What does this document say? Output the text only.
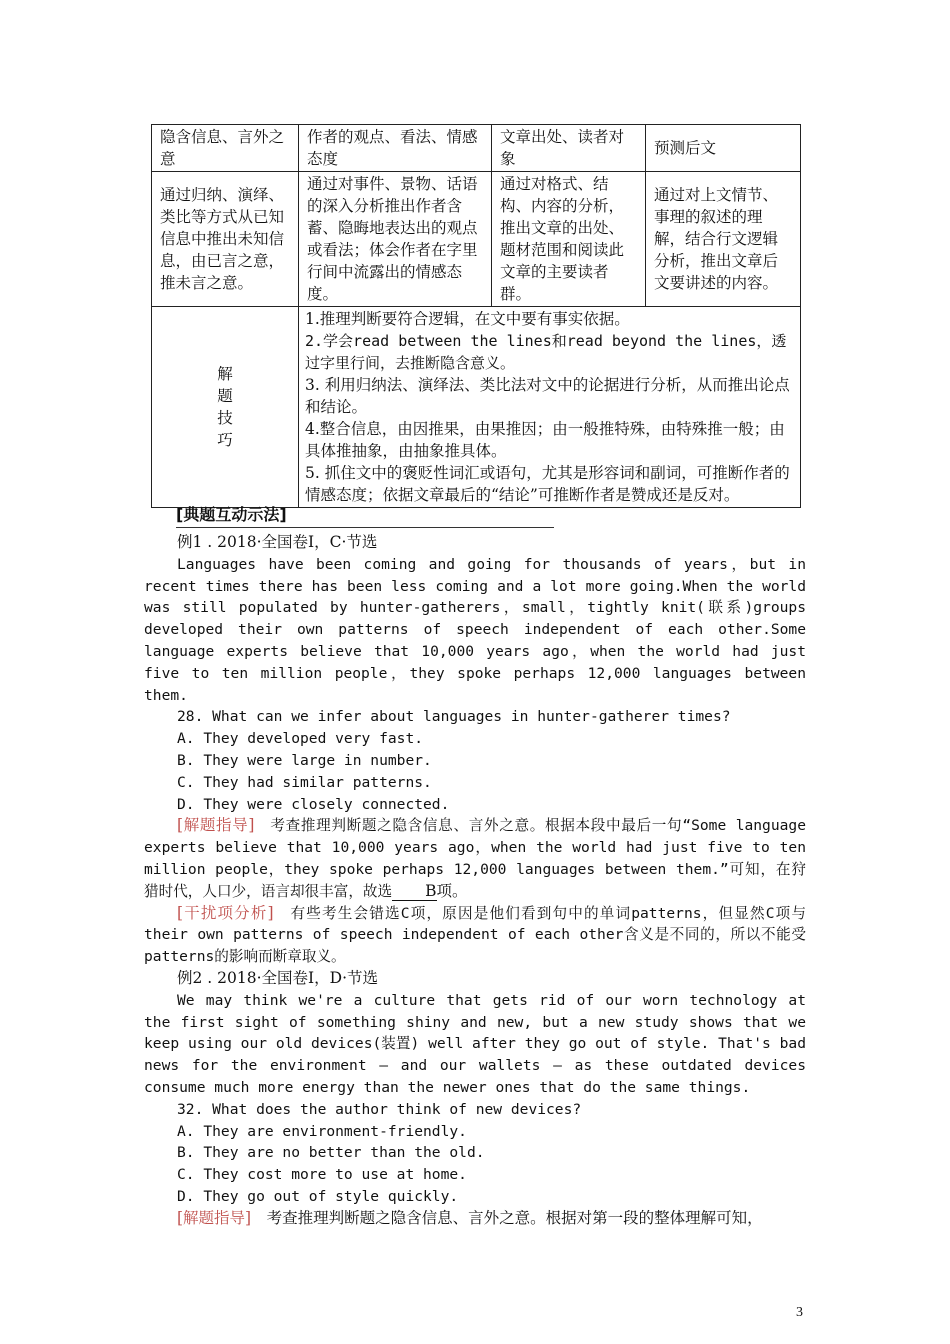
隐含信息、言外之意	作者的观点、看法、情感态度	文章出处、读者对象	预测后文
通过归纳、演绎、类比等方式从已知信息中推出未知信息，由已言之意，推未言之意。	通过对事件、景物、话语的深入分析推出作者含蓄、隐晦地表达出的观点或看法；体会作者在字里行间中流露出的情感态度。	通过对格式、结构、内容的分析，推出文章的出处、题材范围和阅读此文章的主要读者群。	通过对上文情节、事理的叙述的理解，结合行文逻辑分析，推出文章后文要讲述的内容。

解题技巧	1.推理判断要符合逻辑，在文中要有事实依据。
2.学会read between the lines和read beyond the lines，透过字里行间，去推断隐含意义。
3. 利用归纳法、演绎法、类比法对文中的论据进行分析，从而推出论点和结论。
4.整合信息，由因推果，由果推因；由一般推特殊，由特殊推一般；由具体推抽象，由抽象推具体。
5. 抓住文中的褒贬性词汇或语句，尤其是形容词和副词，可推断作者的情感态度；依据文章最后的“结论”可推断作者是赞成还是反对。		
[典题互动示法]

例1 . 2018·全国卷Ⅰ，C·节选

Languages have been coming and going for thousands of years，but in recent times there has been less coming and a lot more going.When the world was still populated by hunter-gatherers，small，tightly knit(联系)groups developed their own patterns of speech independent of each other.Some language experts believe that 10,000 years ago，when the world had just five to ten million people，they spoke perhaps 12,000 languages between them.

28. What can we infer about languages in hunter-gatherer times?

A. They developed very fast.

B. They were large in number.

C. They had similar patterns.

D. They were closely connected.

[解题指导]　考查推理判断题之隐含信息、言外之意。根据本段中最后一句“Some language experts believe that 10,000 years ago，when the world had just five to ten million people，they spoke perhaps 12,000 languages between them.”可知，在狩猎时代，人口少，语言却很丰富，故选 B项。

[干扰项分析]　有些考生会错选C项，原因是他们看到句中的单词patterns，但显然C项与 their own patterns of speech independent of each other含义是不同的，所以不能受patterns的影响而断章取义。

例2 . 2018·全国卷Ⅰ，D·节选

We may think we're a culture that gets rid of our worn technology at the first sight of something shiny and new, but a new study shows that we keep using our old devices(装置) well after they go out of style. That's bad news for the environment — and our wallets — as these outdated devices consume much more energy than the newer ones that do the same things.

32. What does the author think of new devices?

A. They are environment-friendly.

B. They are no better than the old.

C. They cost more to use at home.

D. They go out of style quickly.

[解题指导]　考查推理判断题之隐含信息、言外之意。根据对第一段的整体理解可知，

3
